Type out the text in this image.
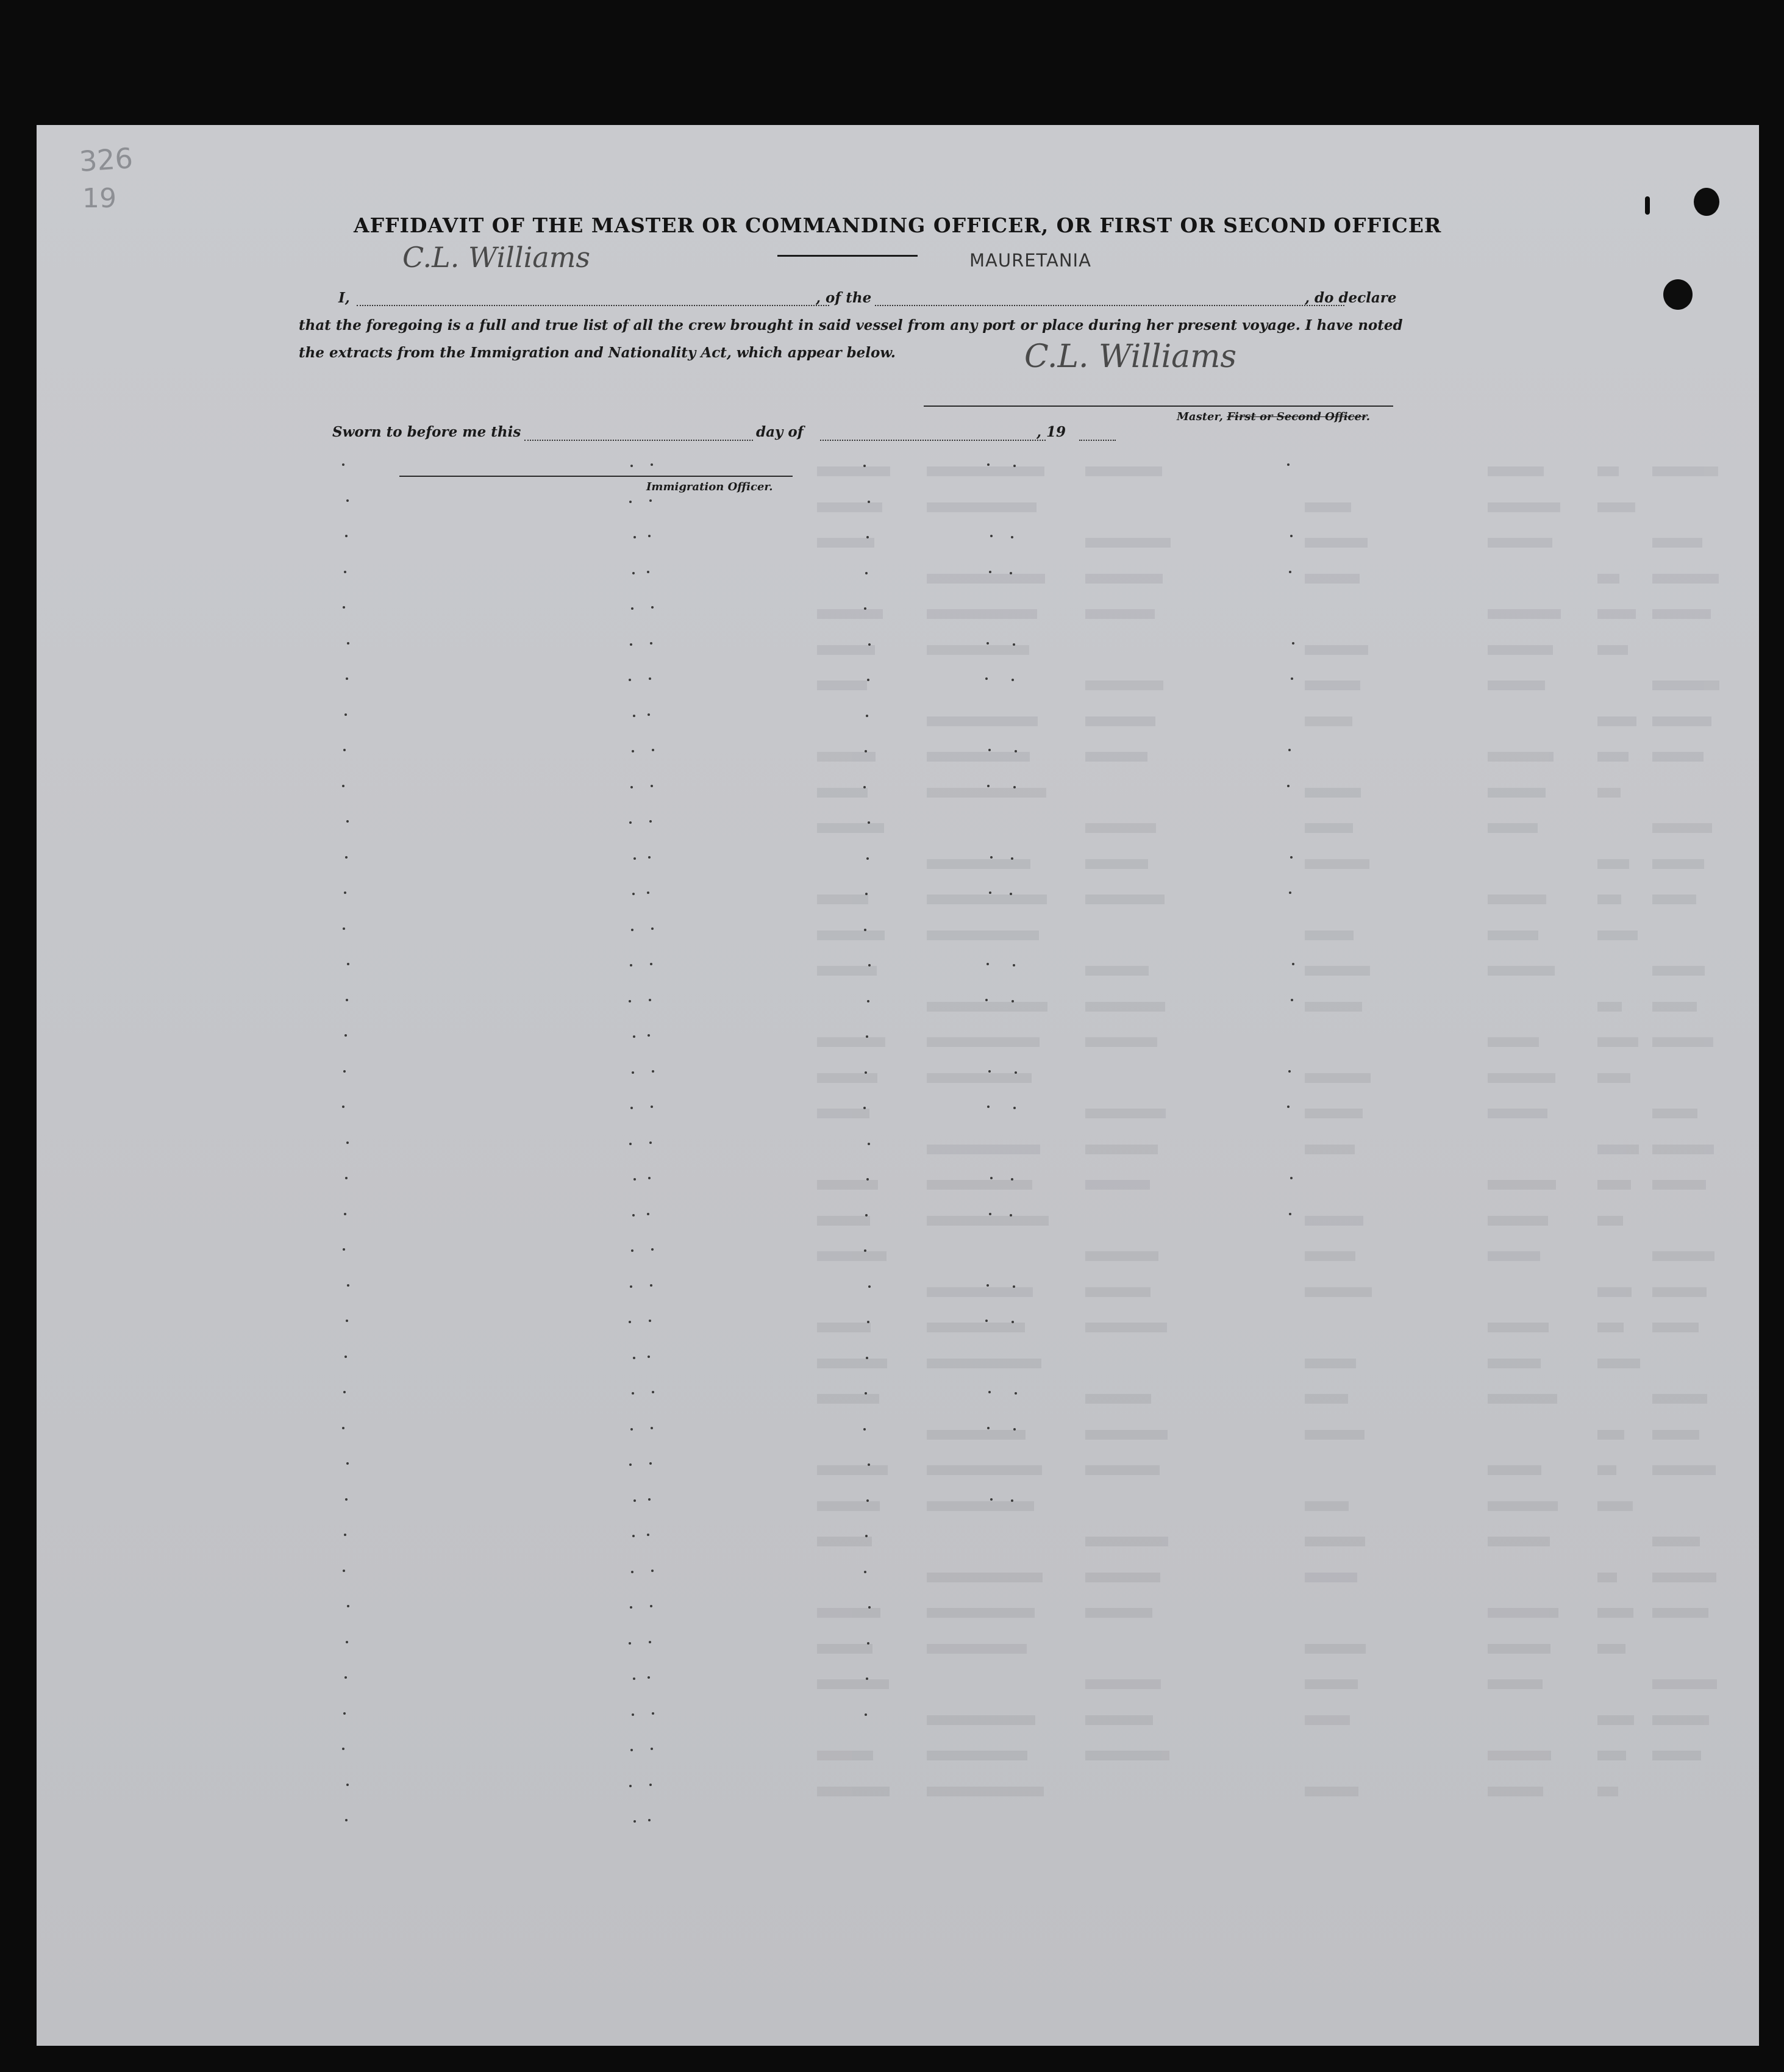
326
19
AFFIDAVIT OF THE MASTER OR COMMANDING OFFICER, OR FIRST OR SECOND OFFICER
C.L. Williams	MAURETANIA
I,	, of the	, do declare
that the foregoing is a full and true list of all the crew brought in said vessel from any port or place during her present voyage. I have noted
the extracts from the Immigration and Nationality Act, which appear below.	C.L. Williams
Master, First or Second Officer.
Sworn to before me this	day of	, 19
Immigration Officer.
